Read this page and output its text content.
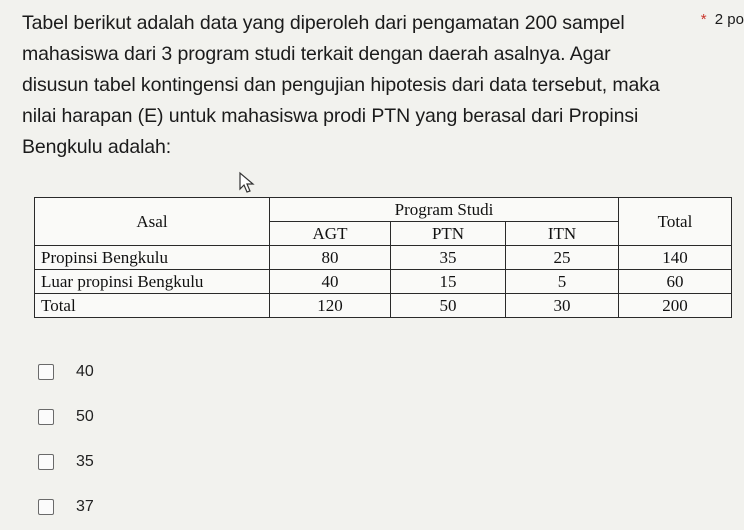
Tabel berikut adalah data yang diperoleh dari pengamatan 200 sampel
mahasiswa dari 3 program studi terkait dengan daerah asalnya. Agar
disusun tabel kontingensi dan pengujian hipotesis dari data tersebut, maka
nilai harapan (E) untuk mahasiswa prodi PTN yang berasal dari Propinsi
Bengkulu adalah:
* 2 po
Asal	Program Studi			Total
	AGT	PTN	ITN	
Propinsi Bengkulu	80	35	25	140
Luar propinsi Bengkulu	40	15	5	60
Total	120	50	30	200
40
50
35
37
